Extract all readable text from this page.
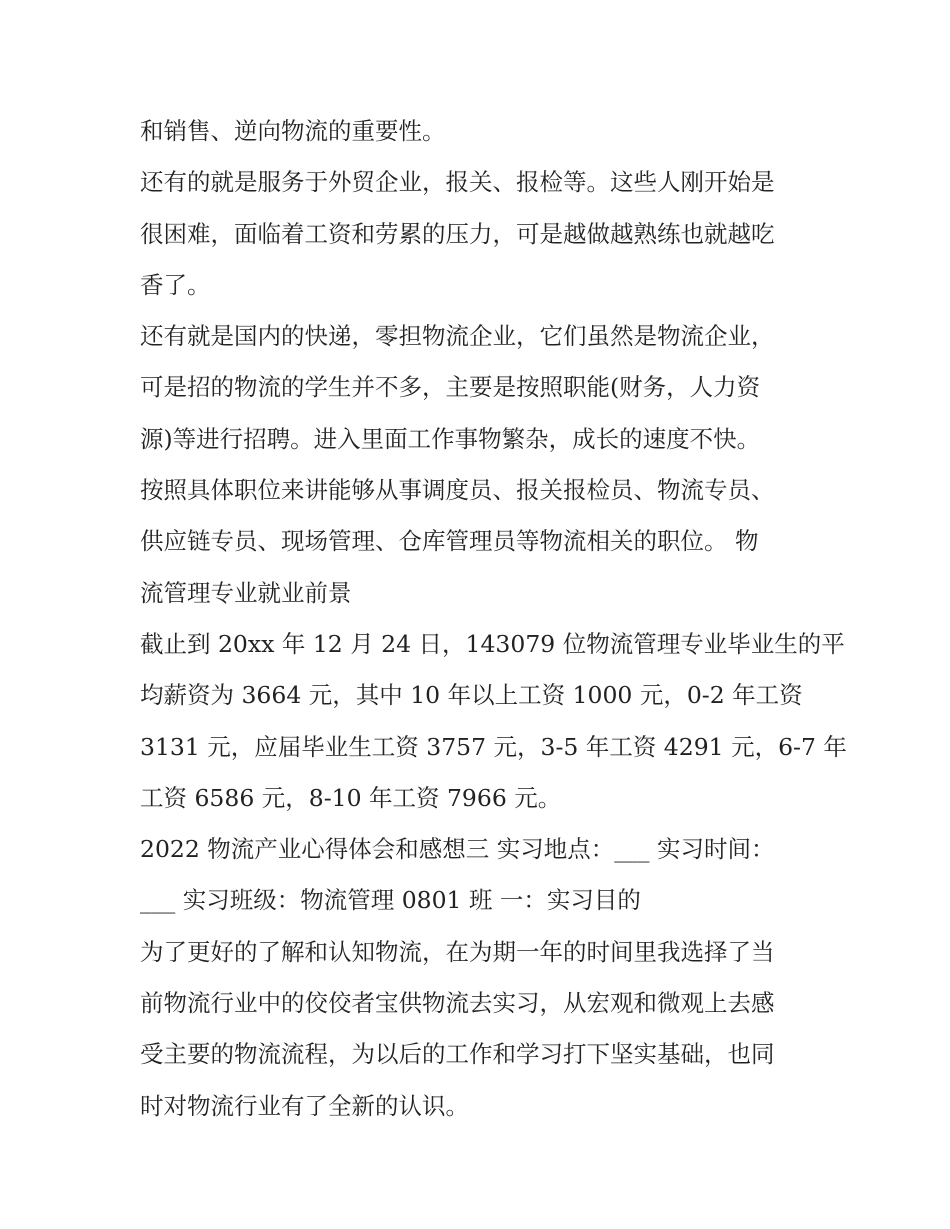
和销售、逆向物流的重要性。

还有的就是服务于外贸企业，报关、报检等。这些人刚开始是
很困难，面临着工资和劳累的压力，可是越做越熟练也就越吃
香了。

还有就是国内的快递，零担物流企业，它们虽然是物流企业，
可是招的物流的学生并不多，主要是按照职能(财务，人力资
源)等进行招聘。进入里面工作事物繁杂，成长的速度不快。

按照具体职位来讲能够从事调度员、报关报检员、物流专员、
供应链专员、现场管理、仓库管理员等物流相关的职位。 物
流管理专业就业前景

截止到 20xx 年 12 月 24 日，143079 位物流管理专业毕业生的平
均薪资为 3664 元，其中 10 年以上工资 1000 元，0-2 年工资
3131 元，应届毕业生工资 3757 元，3-5 年工资 4291 元，6-7 年
工资 6586 元，8-10 年工资 7966 元。

2022 物流产业心得体会和感想三 实习地点：___ 实习时间：
___ 实习班级：物流管理 0801 班 一：实习目的

为了更好的了解和认知物流，在为期一年的时间里我选择了当
前物流行业中的佼佼者宝供物流去实习，从宏观和微观上去感
受主要的物流流程，为以后的工作和学习打下坚实基础，也同
时对物流行业有了全新的认识。
